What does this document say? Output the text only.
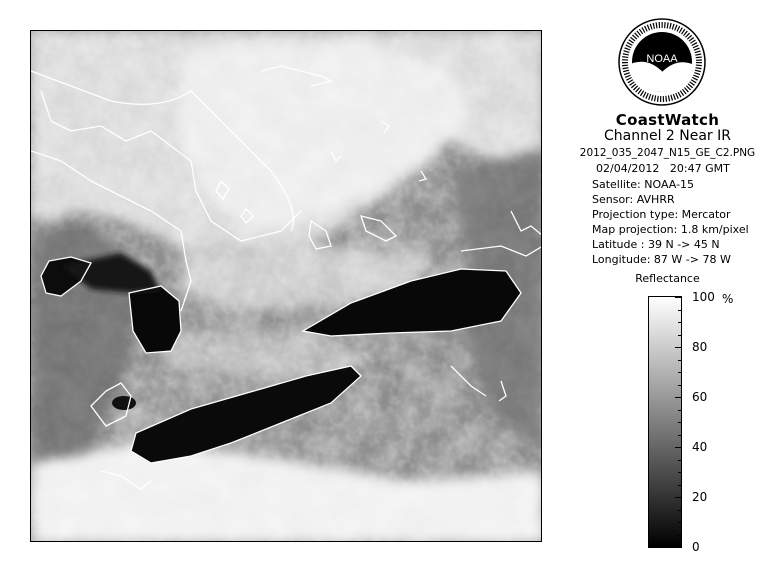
NOAA
CoastWatch
Channel 2 Near IR
2012_035_2047_N15_GE_C2.PNG
02/04/2012 20:47 GMT
Satellite: NOAA-15
Sensor: AVHRR
Projection type: Mercator
Map projection: 1.8 km/pixel
Latitude : 39 N -> 45 N
Longitude: 87 W -> 78 W
Reflectance
%
100
80
60
40
20
0
